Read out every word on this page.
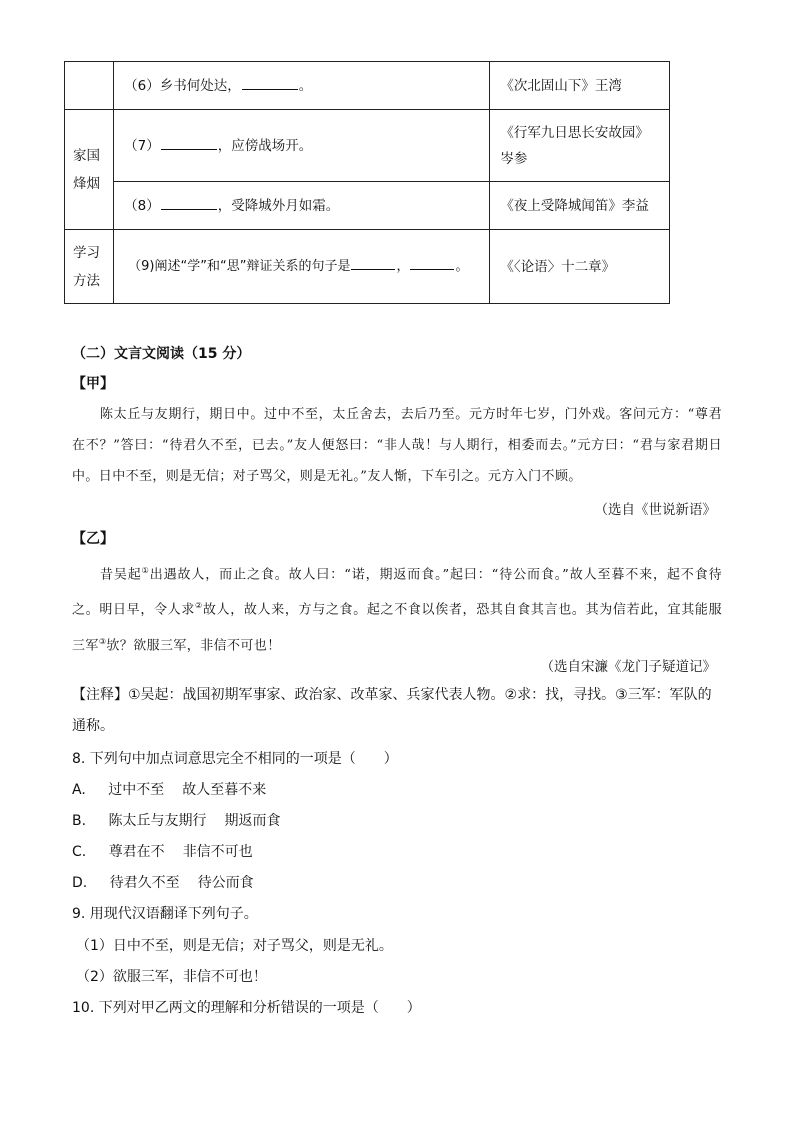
	（6）乡书何处达， 。	《次北固山下》王湾
家国烽烟	（7） ，应傍战场开。	《行军九日思长安故园》岑参
	（8） ，受降城外月如霜。	《夜上受降城闻笛》李益
学习方法	（9)阐述“学”和“思”辩证关系的句子是 ， 。	《〈论语〉十二章》
（二）文言文阅读（15 分）
【甲】
陈太丘与友期行，期日中。过中不至，太丘舍去，去后乃至。元方时年七岁，门外戏。客问元方：“尊君在不？”答曰：“待君久不至，已去。”友人便怒曰：“非人哉！与人期行，相委而去。”元方曰：“君与家君期日中。日中不至，则是无信；对子骂父，则是无礼。”友人惭，下车引之。元方入门不顾。
（选自《世说新语》
【乙】
昔吴起①出遇故人，而止之食。故人曰：“诺，期返而食。”起曰：“待公而食。”故人至暮不来，起不食待之。明日早，令人求②故人，故人来，方与之食。起之不食以俟者，恐其自食其言也。其为信若此，宜其能服三军③欤？欲服三军，非信不可也！
（选自宋濂《龙门子疑道记》
【注释】①吴起：战国初期军事家、政治家、改革家、兵家代表人物。②求：找，寻找。③三军：军队的通称。
8. 下列句中加点词意思完全不相同的一项是（　　）
A. 过中不至 故人至暮不来
B. 陈太丘与友期行 期返而食
C. 尊君在不 非信不可也
D. 待君久不至 待公而食
9. 用现代汉语翻译下列句子。
（1）日中不至，则是无信；对子骂父，则是无礼。
（2）欲服三军，非信不可也！
10. 下列对甲乙两文的理解和分析错误的一项是（　　）
